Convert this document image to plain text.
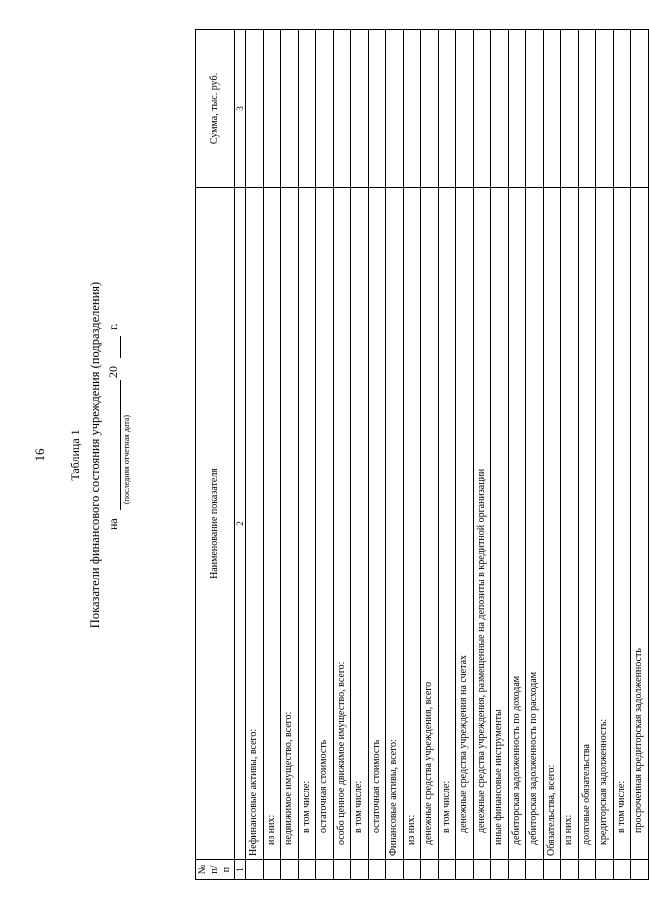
16 Таблица 1 Показатели финансового состояния учреждения (подразделения) на
(последняя отчетная дата)
20
г.
№ п/п	Наименование показателя	Сумма, тыс. руб.
1	2	3
	Нефинансовые активы, всего:	
	из них:	
	недвижимое имущество, всего:	
	в том числе:	
	остаточная стоимость	
	особо ценное движимое имущество, всего:	
	в том числе:	
	остаточная стоимость	
	Финансовые активы, всего:	
	из них:	
	денежные средства учреждения, всего	
	в том числе:	
	денежные средства учреждения на счетах	
	денежные средства учреждения, размещенные на депозиты в кредитной организации	
	иные финансовые инструменты	
	дебиторская задолженность по доходам	
	дебиторская задолженность по расходам	
	Обязательства, всего:	
	из них:	
	долговые обязательства	
	кредиторская задолженность:	
	в том числе:	
	просроченная кредиторская задолженность	
